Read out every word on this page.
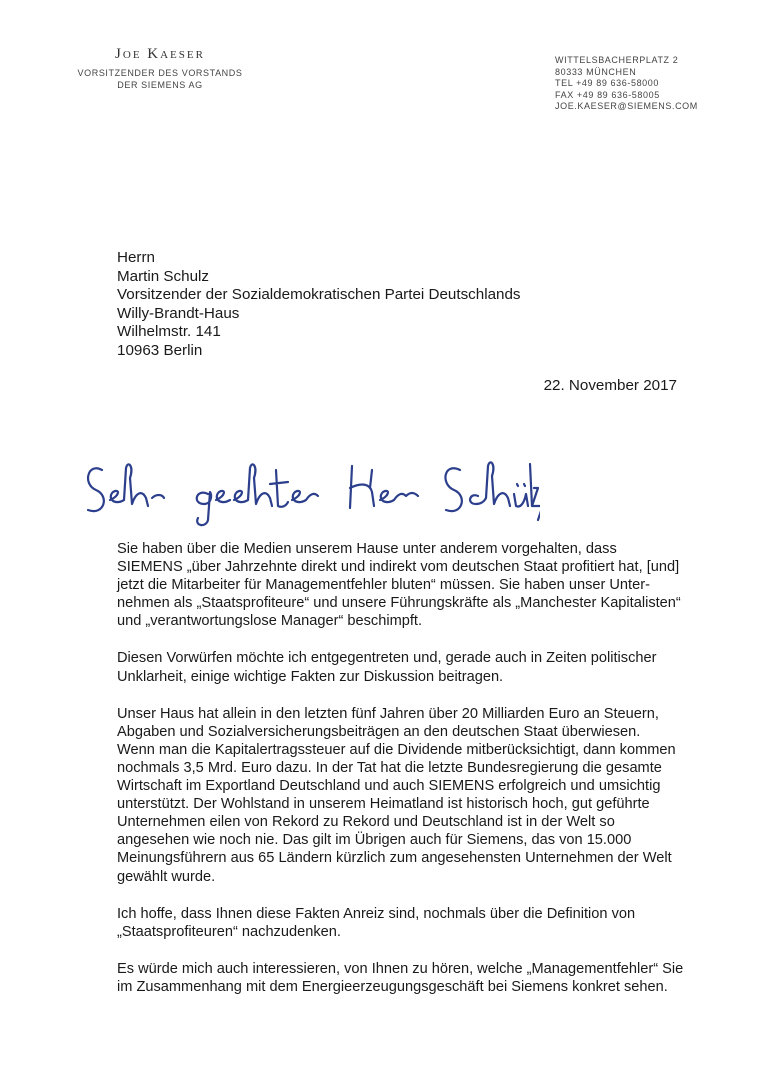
Joe Kaeser
VORSITZENDER DES VORSTANDS
DER SIEMENS AG
WITTELSBACHERPLATZ 2
80333 MÜNCHEN
TEL +49 89 636-58000
FAX +49 89 636-58005
JOE.KAESER@SIEMENS.COM
Herrn
Martin Schulz
Vorsitzender der Sozialdemokratischen Partei Deutschlands
Willy-Brandt-Haus
Wilhelmstr. 141
10963 Berlin
22. November 2017
Sie haben über die Medien unserem Hause unter anderem vorgehalten, dass
SIEMENS „über Jahrzehnte direkt und indirekt vom deutschen Staat profitiert hat, [und]
jetzt die Mitarbeiter für Managementfehler bluten“ müssen. Sie haben unser Unter-
nehmen als „Staatsprofiteure“ und unsere Führungskräfte als „Manchester Kapitalisten“
und „verantwortungslose Manager“ beschimpft.
Diesen Vorwürfen möchte ich entgegentreten und, gerade auch in Zeiten politischer
Unklarheit, einige wichtige Fakten zur Diskussion beitragen.
Unser Haus hat allein in den letzten fünf Jahren über 20 Milliarden Euro an Steuern,
Abgaben und Sozialversicherungsbeiträgen an den deutschen Staat überwiesen.
Wenn man die Kapitalertragssteuer auf die Dividende mitberücksichtigt, dann kommen
nochmals 3,5 Mrd. Euro dazu. In der Tat hat die letzte Bundesregierung die gesamte
Wirtschaft im Exportland Deutschland und auch SIEMENS erfolgreich und umsichtig
unterstützt. Der Wohlstand in unserem Heimatland ist historisch hoch, gut geführte
Unternehmen eilen von Rekord zu Rekord und Deutschland ist in der Welt so
angesehen wie noch nie. Das gilt im Übrigen auch für Siemens, das von 15.000
Meinungsführern aus 65 Ländern kürzlich zum angesehensten Unternehmen der Welt
gewählt wurde.
Ich hoffe, dass Ihnen diese Fakten Anreiz sind, nochmals über die Definition von
„Staatsprofiteuren“ nachzudenken.
Es würde mich auch interessieren, von Ihnen zu hören, welche „Managementfehler“ Sie
im Zusammenhang mit dem Energieerzeugungsgeschäft bei Siemens konkret sehen.
